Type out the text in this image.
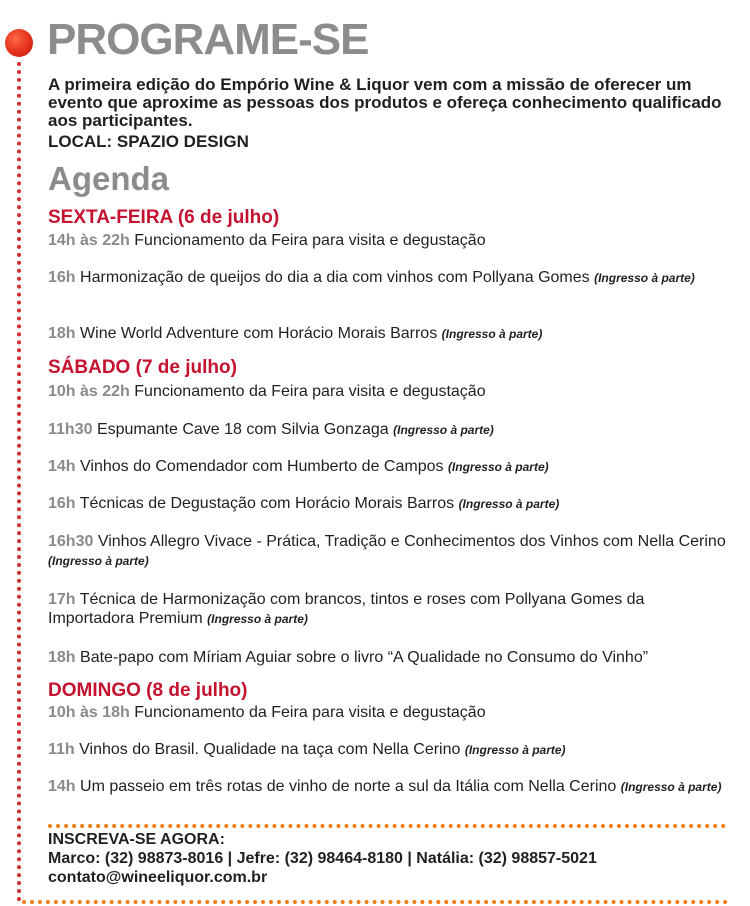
PROGRAME-SE

A primeira edição do Empório Wine & Liquor vem com a missão de oferecer um evento que aproxime as pessoas dos produtos e ofereça conhecimento qualificado aos participantes.

LOCAL: SPAZIO DESIGN
Agenda
SEXTA-FEIRA (6 de julho)

14h às 22h Funcionamento da Feira para visita e degustação

16h Harmonização de queijos do dia a dia com vinhos com Pollyana Gomes (Ingresso à parte)

18h Wine World Adventure com Horácio Morais Barros (Ingresso à parte)

SÁBADO (7 de julho)

10h às 22h Funcionamento da Feira para visita e degustação

11h30 Espumante Cave 18 com Silvia Gonzaga (Ingresso à parte)

14h Vinhos do Comendador com Humberto de Campos (Ingresso à parte)

16h Técnicas de Degustação com Horácio Morais Barros (Ingresso à parte)

16h30 Vinhos Allegro Vivace - Prática, Tradição e Conhecimentos dos Vinhos com Nella Cerino (Ingresso à parte)

17h Técnica de Harmonização com brancos, tintos e roses com Pollyana Gomes da Importadora Premium (Ingresso à parte)

18h Bate-papo com Míriam Aguiar sobre o livro “A Qualidade no Consumo do Vinho”

DOMINGO (8 de julho)

10h às 18h Funcionamento da Feira para visita e degustação

11h Vinhos do Brasil. Qualidade na taça com Nella Cerino (Ingresso à parte)

14h Um passeio em três rotas de vinho de norte a sul da Itália com Nella Cerino (Ingresso à parte)

INSCREVA-SE AGORA:
Marco: (32) 98873-8016 | Jefre: (32) 98464-8180 | Natália: (32) 98857-5021
contato@wineeliquor.com.br
